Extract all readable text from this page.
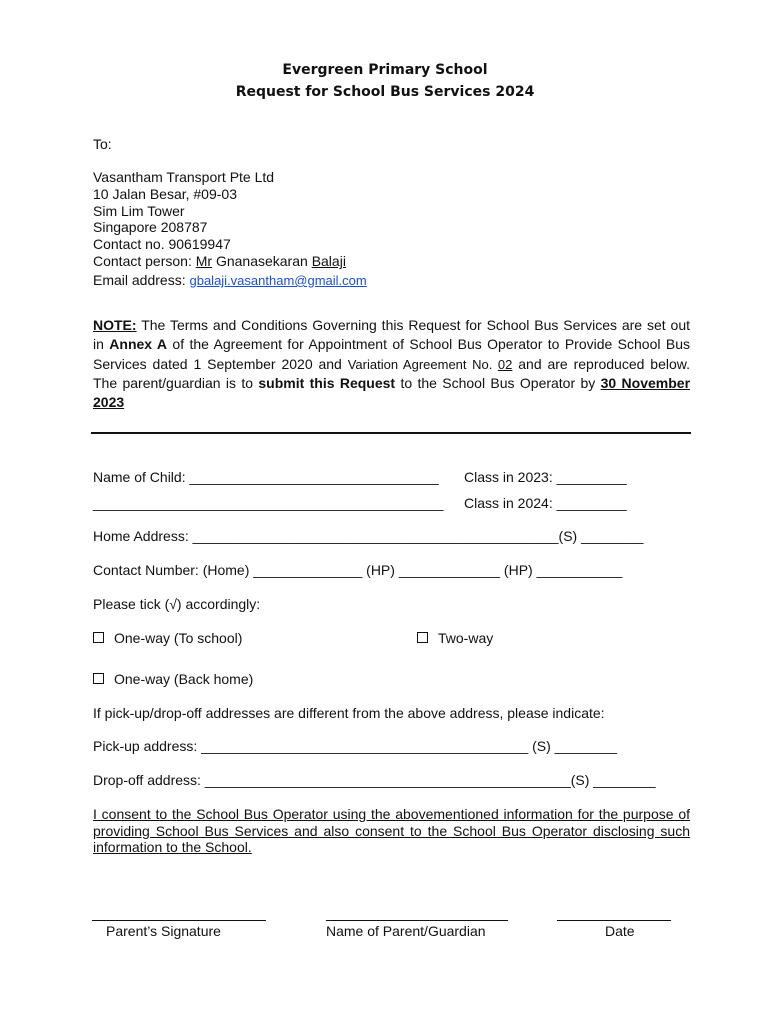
Evergreen Primary School
Request for School Bus Services 2024
To:
Vasantham Transport Pte Ltd
10 Jalan Besar, #09-03
Sim Lim Tower
Singapore 208787
Contact no. 90619947
Contact person: Mr Gnanasekaran Balaji
Email address: gbalaji.vasantham@gmail.com
NOTE: The Terms and Conditions Governing this Request for School Bus Services are set out in Annex A of the Agreement for Appointment of School Bus Operator to Provide School Bus Services dated 1 September 2020 and Variation Agreement No. 02 and are reproduced below. The parent/guardian is to submit this Request to the School Bus Operator by 30 November 2023
Name of Child: ________________________________ Class in 2023: _________
_____________________________________________ Class in 2024: _________
Home Address: _______________________________________________(S) ________
Contact Number: (Home) ______________ (HP) _____________ (HP) ___________
Please tick (√) accordingly:
One-way (To school)	Two-way
One-way (Back home)
If pick-up/drop-off addresses are different from the above address, please indicate:
Pick-up address: __________________________________________ (S) ________
Drop-off address: _______________________________________________(S) ________
I consent to the School Bus Operator using the abovementioned information for the purpose of providing School Bus Services and also consent to the School Bus Operator disclosing such information to the School.
Parent’s Signature	Name of Parent/Guardian	Date
